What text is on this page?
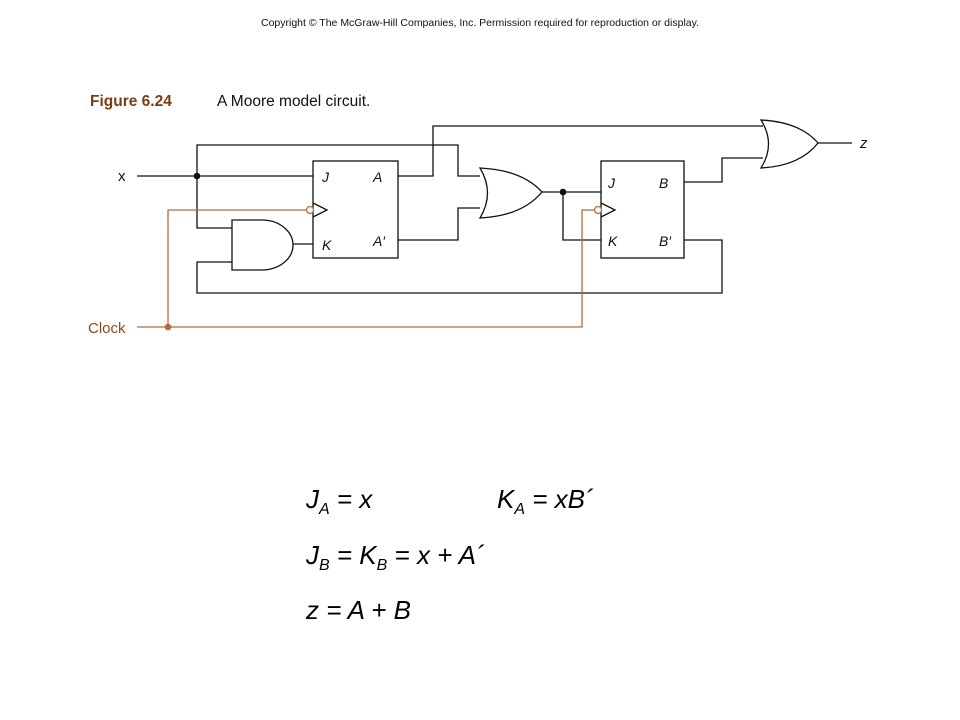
Copyright © The McGraw-Hill Companies, Inc. Permission required for reproduction or display.
Figure 6.24	A Moore model circuit.
x
Clock
z
J
K
A
A′
J
K
B
B′
$J_A = x$	$K_A$ = xB´
$J_B = K_B = x$ + A´
z = A + B
